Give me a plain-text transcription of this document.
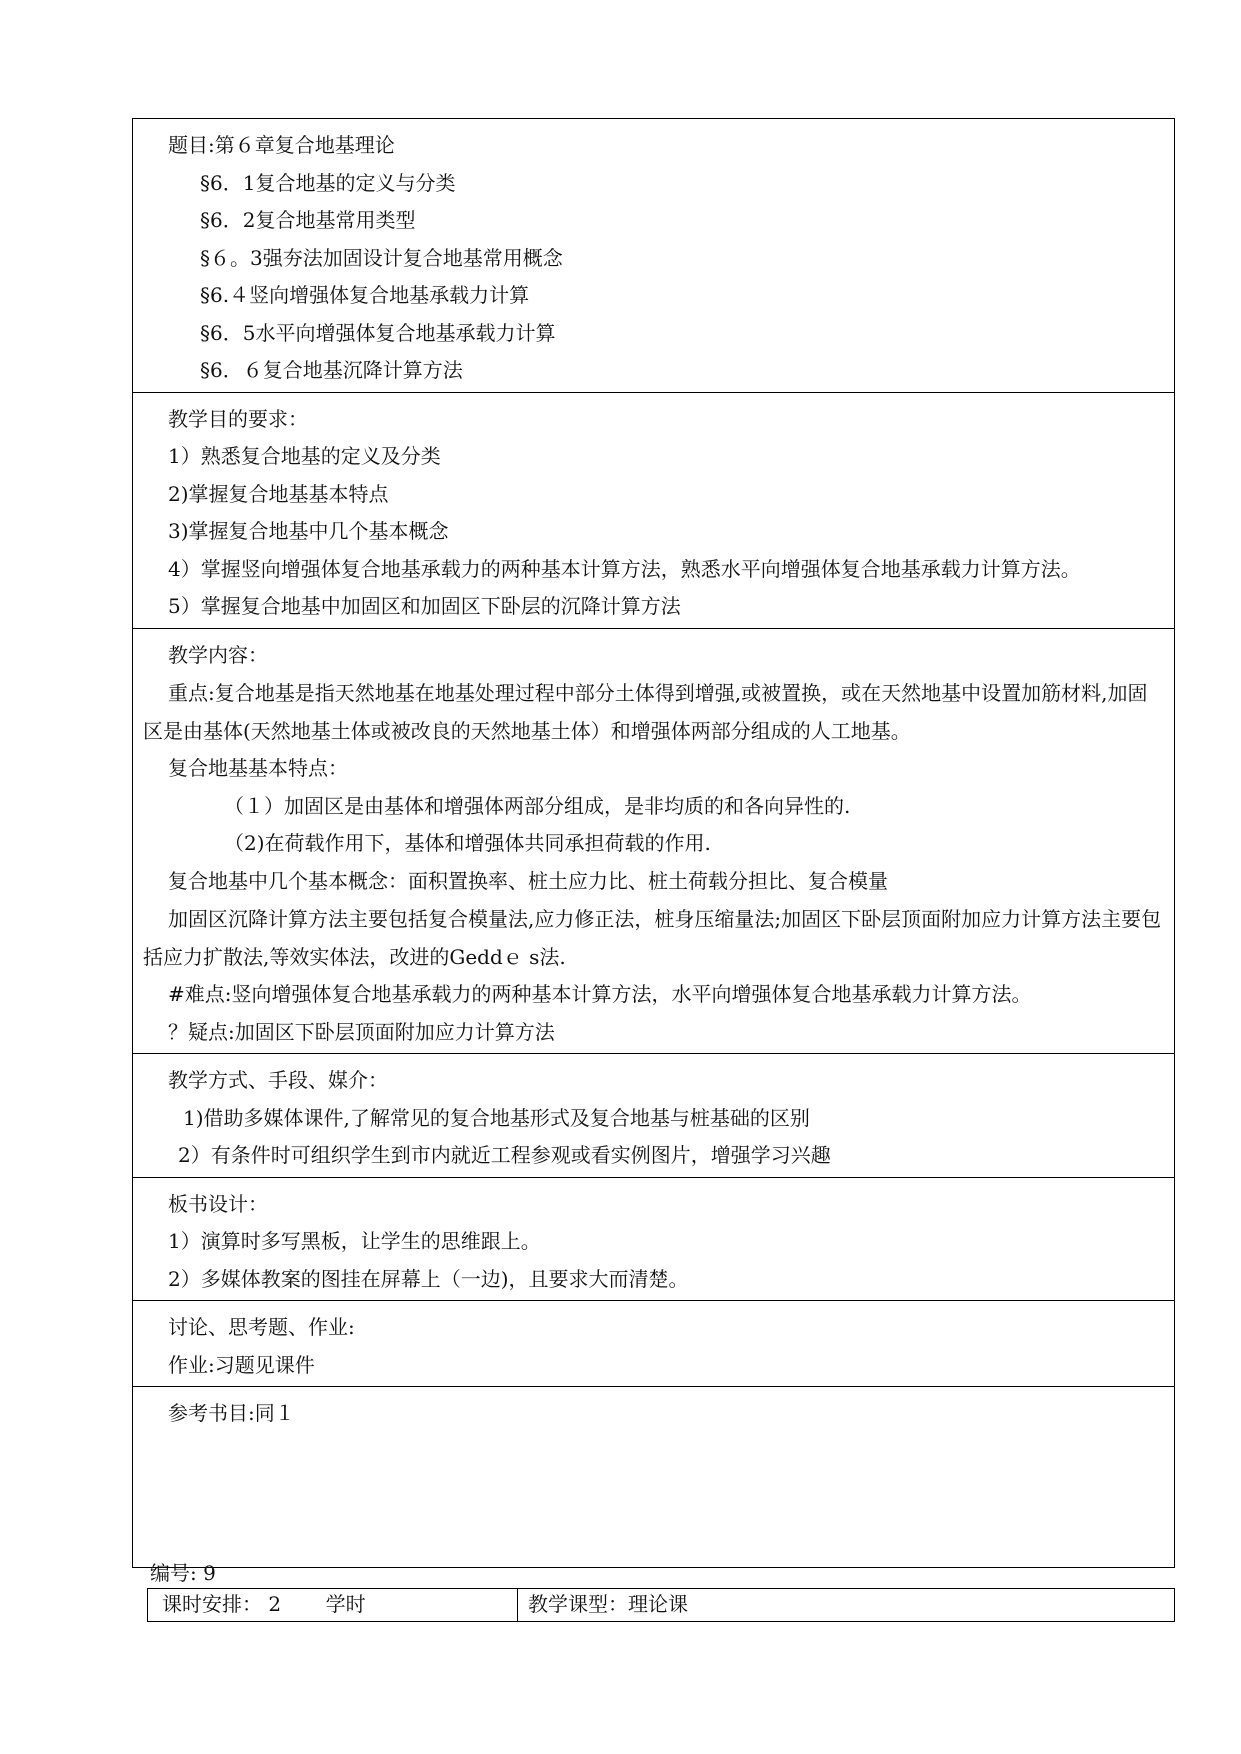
题目:第６章复合地基理论
§6．1复合地基的定义与分类
§6．2复合地基常用类型
§６。3强夯法加固设计复合地基常用概念
§6.４竖向增强体复合地基承载力计算
§6．5水平向增强体复合地基承载力计算
§6．６复合地基沉降计算方法
教学目的要求：
1）熟悉复合地基的定义及分类
2)掌握复合地基基本特点
3)掌握复合地基中几个基本概念
4）掌握竖向增强体复合地基承载力的两种基本计算方法，熟悉水平向增强体复合地基承载力计算方法。
5）掌握复合地基中加固区和加固区下卧层的沉降计算方法
教学内容：
重点:复合地基是指天然地基在地基处理过程中部分土体得到增强,或被置换，或在天然地基中设置加筋材料,加固区是由基体(天然地基土体或被改良的天然地基土体）和增强体两部分组成的人工地基。
复合地基基本特点：
（１）加固区是由基体和增强体两部分组成，是非均质的和各向异性的.
（2)在荷载作用下，基体和增强体共同承担荷载的作用.
复合地基中几个基本概念：面积置换率、桩土应力比、桩土荷载分担比、复合模量
加固区沉降计算方法主要包括复合模量法,应力修正法，桩身压缩量法;加固区下卧层顶面附加应力计算方法主要包括应力扩散法,等效实体法，改进的Geddｅ s法.
#难点:竖向增强体复合地基承载力的两种基本计算方法，水平向增强体复合地基承载力计算方法。
？疑点:加固区下卧层顶面附加应力计算方法
教学方式、手段、媒介：
1)借助多媒体课件,了解常见的复合地基形式及复合地基与桩基础的区别
2）有条件时可组织学生到市内就近工程参观或看实例图片，增强学习兴趣
板书设计：
1）演算时多写黑板，让学生的思维跟上。
2）多媒体教案的图挂在屏幕上（一边)，且要求大而清楚。
讨论、思考题、作业:
作业:习题见课件
参考书目:同１
编号: 9
课时安排： 2       学时	教学课型：理论课
